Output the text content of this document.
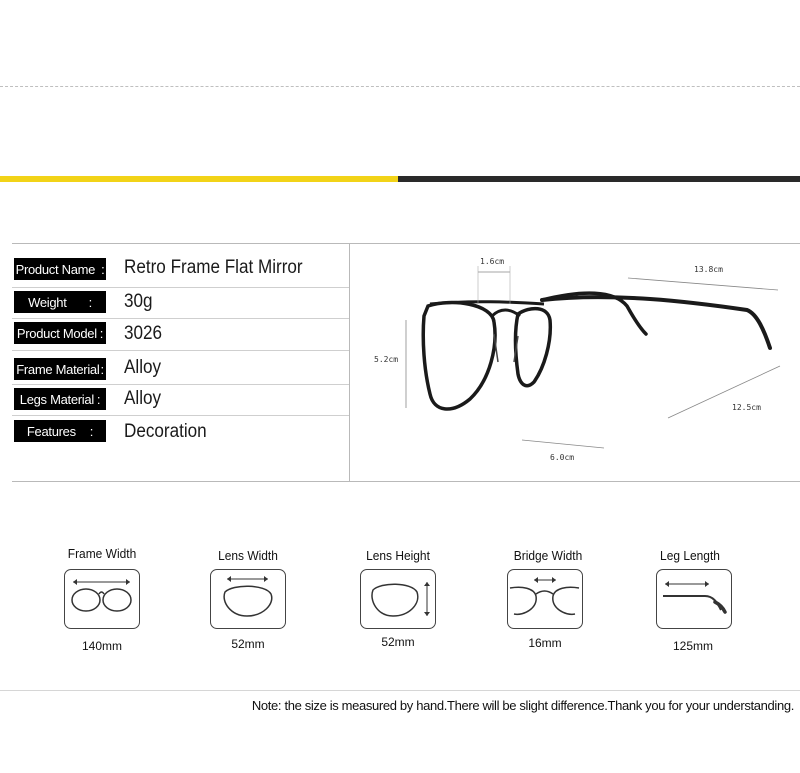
Product Name : Retro Frame Flat Mirror
Weight : 30g
Product Model : 3026
Frame Material : Alloy
Legs Material : Alloy
Features : Decoration
1.6cm
13.8cm
5.2cm
12.5cm
6.0cm
Frame Width
140mm
Lens Width
52mm
Lens Height
52mm
Bridge Width
16mm
Leg Length
125mm
Note: the size is measured by hand.There will be slight difference.Thank you for your understanding.
